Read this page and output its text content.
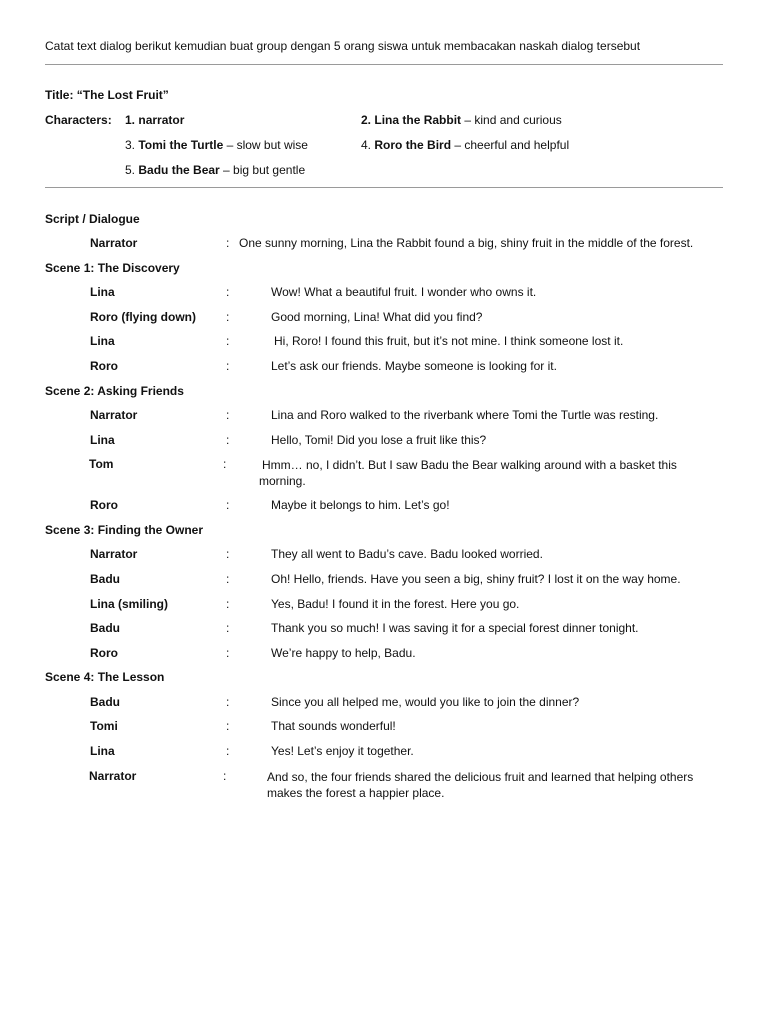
Catat text dialog berikut kemudian buat group dengan 5 orang siswa untuk membacakan naskah dialog tersebut
Title: “The Lost Fruit”
Characters: 1. narrator	2. Lina the Rabbit – kind and curious
3. Tomi the Turtle – slow but wise	4. Roro the Bird – cheerful and helpful
5. Badu the Bear – big but gentle
Script / Dialogue
Narrator	: One sunny morning, Lina the Rabbit found a big, shiny fruit in the middle of the forest.
Scene 1: The Discovery
Lina	:	Wow! What a beautiful fruit. I wonder who owns it.
Roro (flying down)	:	Good morning, Lina! What did you find?
Lina	:	Hi, Roro! I found this fruit, but it’s not mine. I think someone lost it.
Roro	:	Let’s ask our friends. Maybe someone is looking for it.
Scene 2: Asking Friends
Narrator	:	Lina and Roro walked to the riverbank where Tomi the Turtle was resting.
Lina	:	Hello, Tomi! Did you lose a fruit like this?
Tom	:	Hmm… no, I didn’t. But I saw Badu the Bear walking around with a basket this morning.
Roro	:	Maybe it belongs to him. Let’s go!
Scene 3: Finding the Owner
Narrator	:	They all went to Badu’s cave. Badu looked worried.
Badu	:	Oh! Hello, friends. Have you seen a big, shiny fruit? I lost it on the way home.
Lina (smiling)	:	Yes, Badu! I found it in the forest. Here you go.
Badu	:	Thank you so much! I was saving it for a special forest dinner tonight.
Roro	:	We’re happy to help, Badu.
Scene 4: The Lesson
Badu	:	Since you all helped me, would you like to join the dinner?
Tomi	:	That sounds wonderful!
Lina	:	Yes! Let’s enjoy it together.
Narrator	:	And so, the four friends shared the delicious fruit and learned that helping others makes the forest a happier place.
